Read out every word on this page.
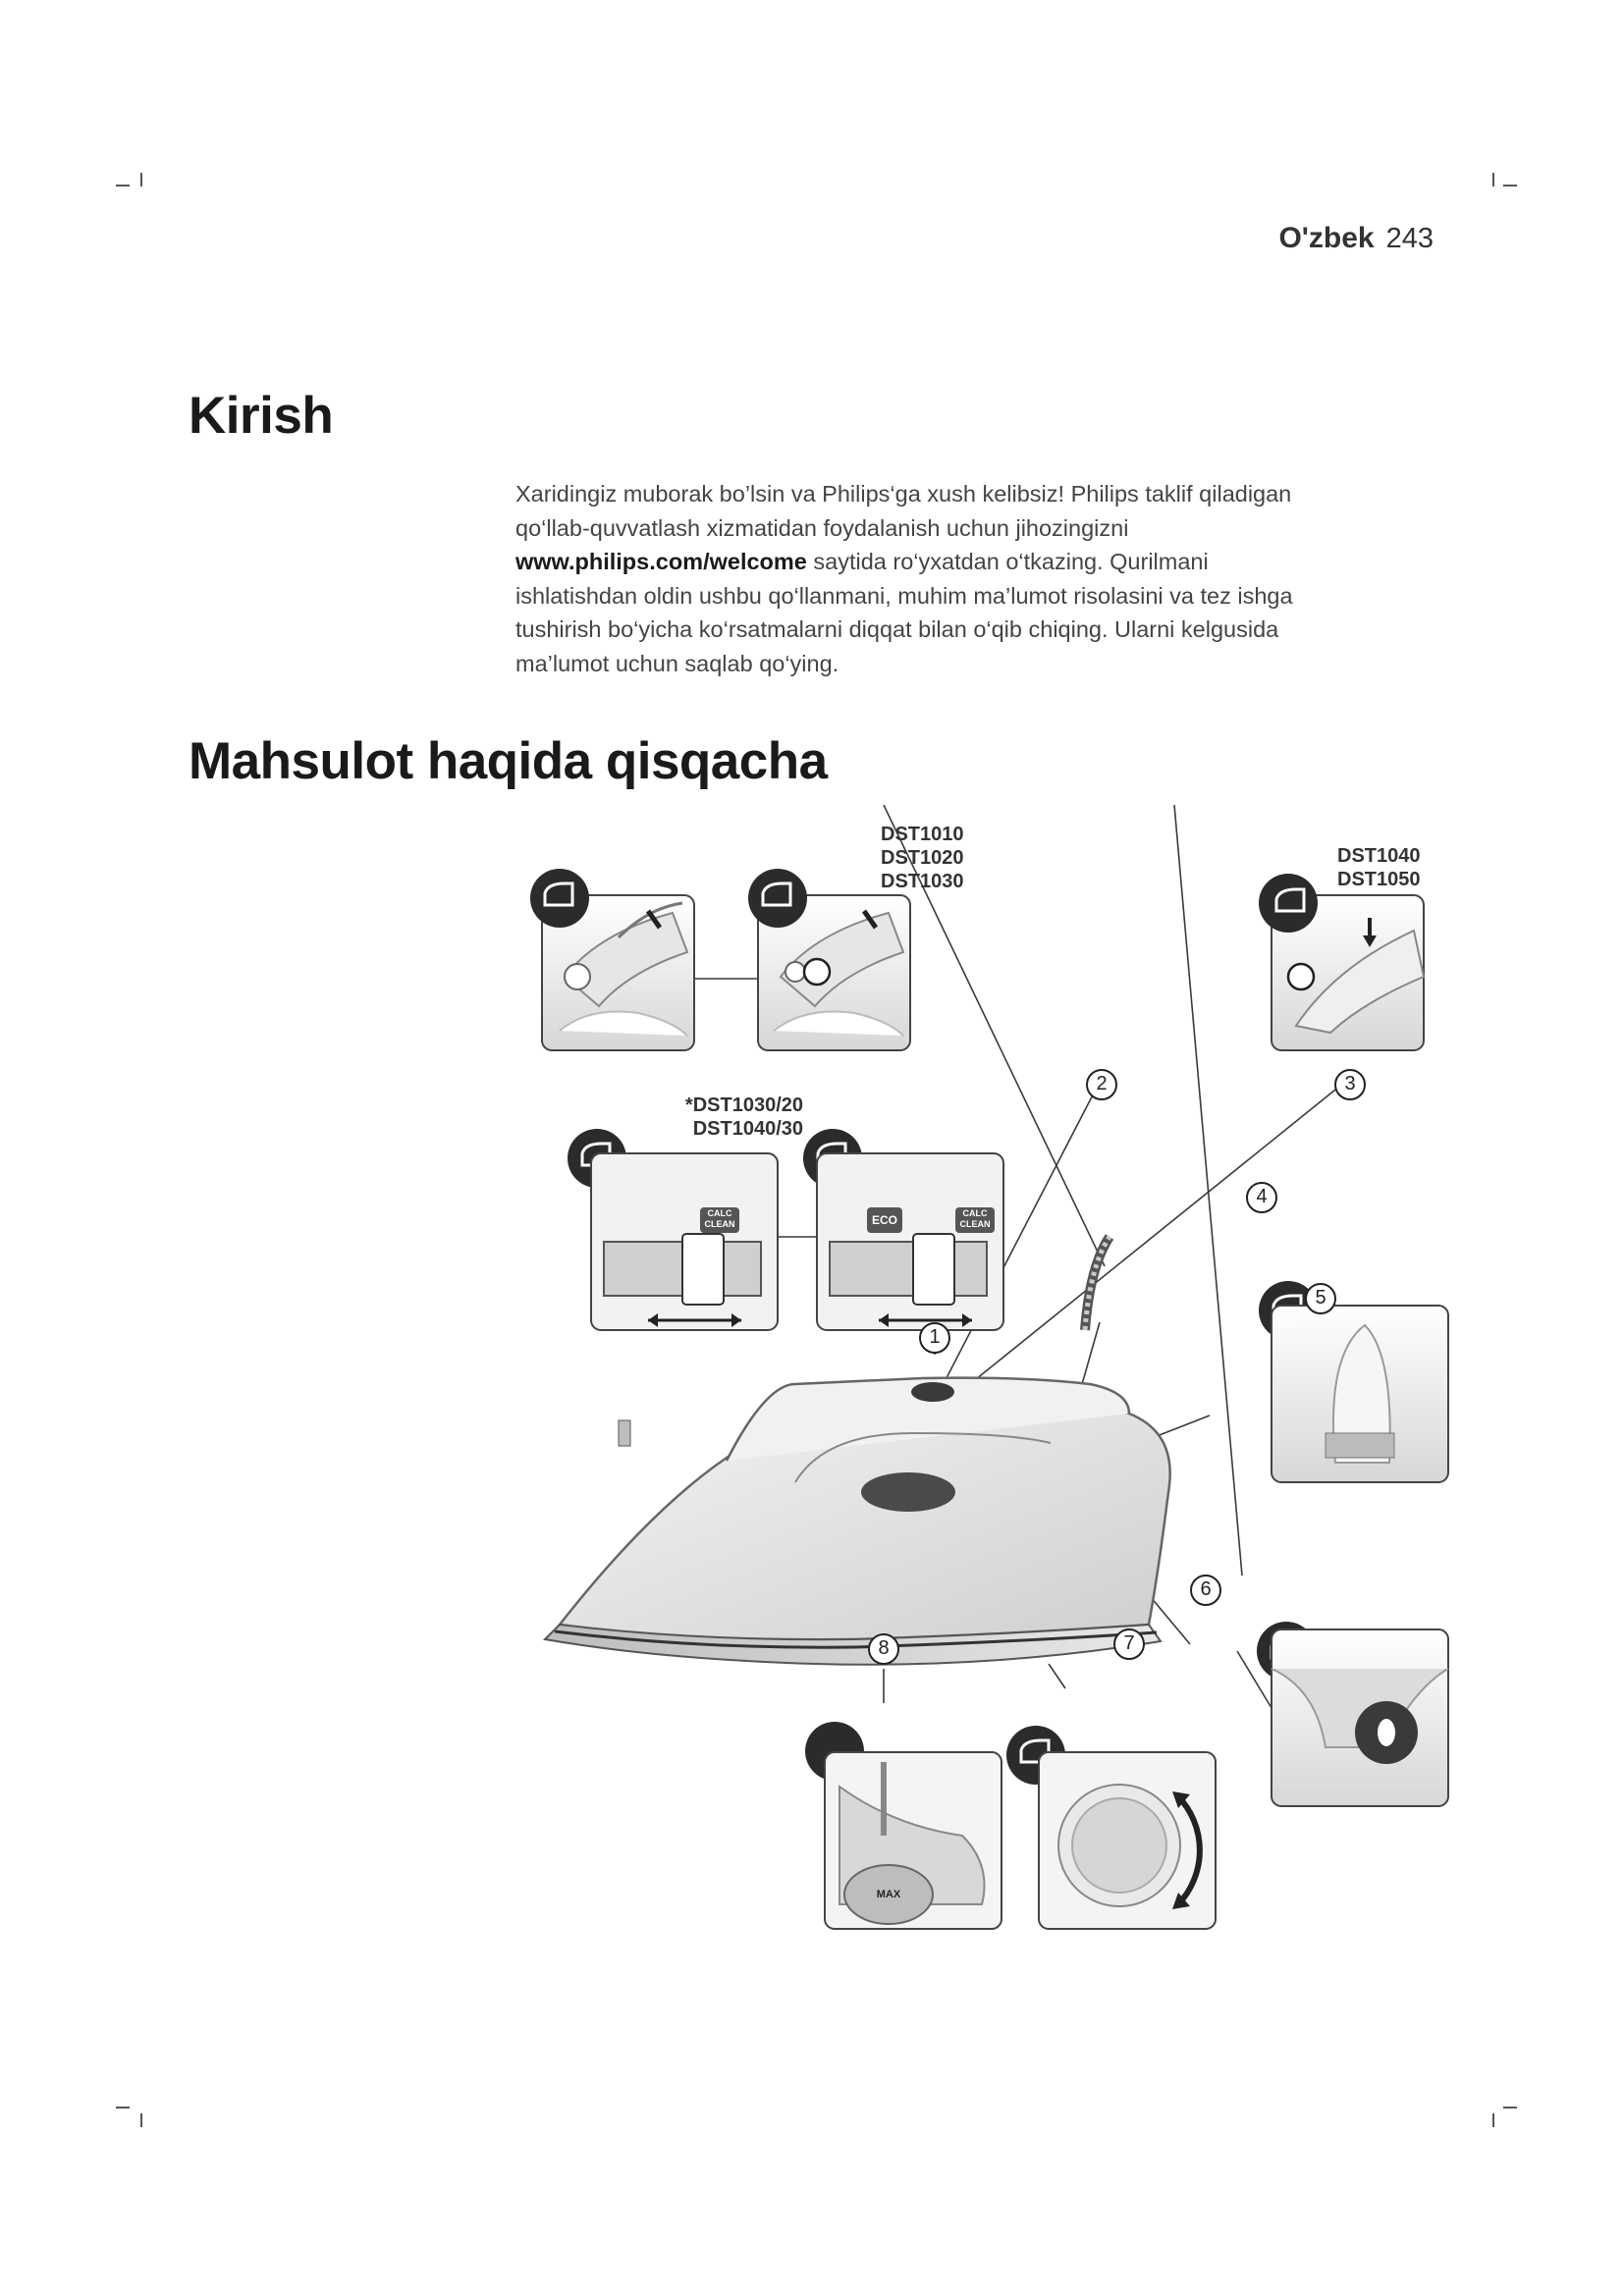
O'zbek 243
Kirish

Xaridingiz muborak bo’lsin va Philips‘ga xush kelibsiz! Philips taklif qiladigan
qo‘llab-quvvatlash xizmatidan foydalanish uchun jihozingizni
www.philips.com/welcome saytida ro‘yxatdan o‘tkazing. Qurilmani
ishlatishdan oldin ushbu qo‘llanmani, muhim ma’lumot risolasini va tez ishga
tushirish bo‘yicha ko‘rsatmalarni diqqat bilan o‘qib chiqing. Ularni kelgusida
ma’lumot uchun saqlab qo‘ying.

Mahsulot haqida qisqacha

DST1010
DST1020
DST1030

DST1040
DST1050

*DST1030/20
DST1040/30

1
2	3
4
5
6
7
8
CALC
CLEAN	ECO	CALC
CLEAN
sole
MAX
